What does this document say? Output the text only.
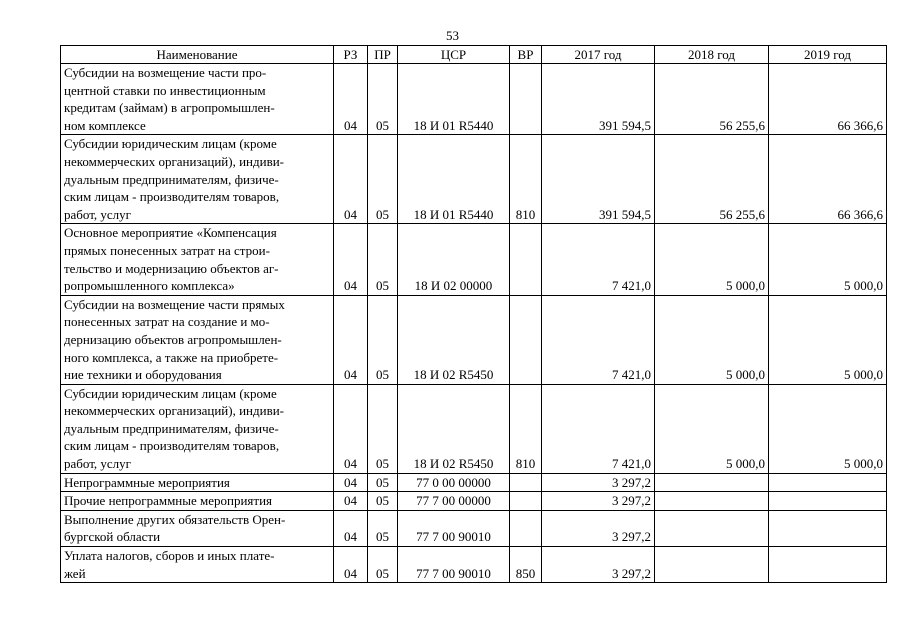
53
Наименование	РЗ	ПР	ЦСР	ВР	2017 год	2018 год	2019 год

Субсидии на возмещение части про-
центной ставки по инвестиционным
кредитам (займам) в агропромышлен-
ном комплексе	04	05	18 И 01 R5440		391 594,5	56 255,6	66 366,6

Субсидии юридическим лицам (кроме
некоммерческих организаций), индиви-
дуальным предпринимателям, физиче-
ским лицам - производителям товаров,
работ, услуг	04	05	18 И 01 R5440	810	391 594,5	56 255,6	66 366,6

Основное мероприятие «Компенсация
прямых понесенных затрат на строи-
тельство и модернизацию объектов аг-
ропромышленного комплекса»	04	05	18 И 02 00000		7 421,0	5 000,0	5 000,0

Субсидии на возмещение части прямых
понесенных затрат на создание и мо-
дернизацию объектов агропромышлен-
ного комплекса, а также на приобрете-
ние техники и оборудования	04	05	18 И 02 R5450		7 421,0	5 000,0	5 000,0

Субсидии юридическим лицам (кроме
некоммерческих организаций), индиви-
дуальным предпринимателям, физиче-
ским лицам - производителям товаров,
работ, услуг	04	05	18 И 02 R5450	810	7 421,0	5 000,0	5 000,0

Непрограммные мероприятия	04	05	77 0 00 00000		3 297,2		

Прочие непрограммные мероприятия	04	05	77 7 00 00000		3 297,2		

Выполнение других обязательств Орен-
бургской области	04	05	77 7 00 90010		3 297,2		

Уплата налогов, сборов и иных плате-
жей	04	05	77 7 00 90010	850	3 297,2		
